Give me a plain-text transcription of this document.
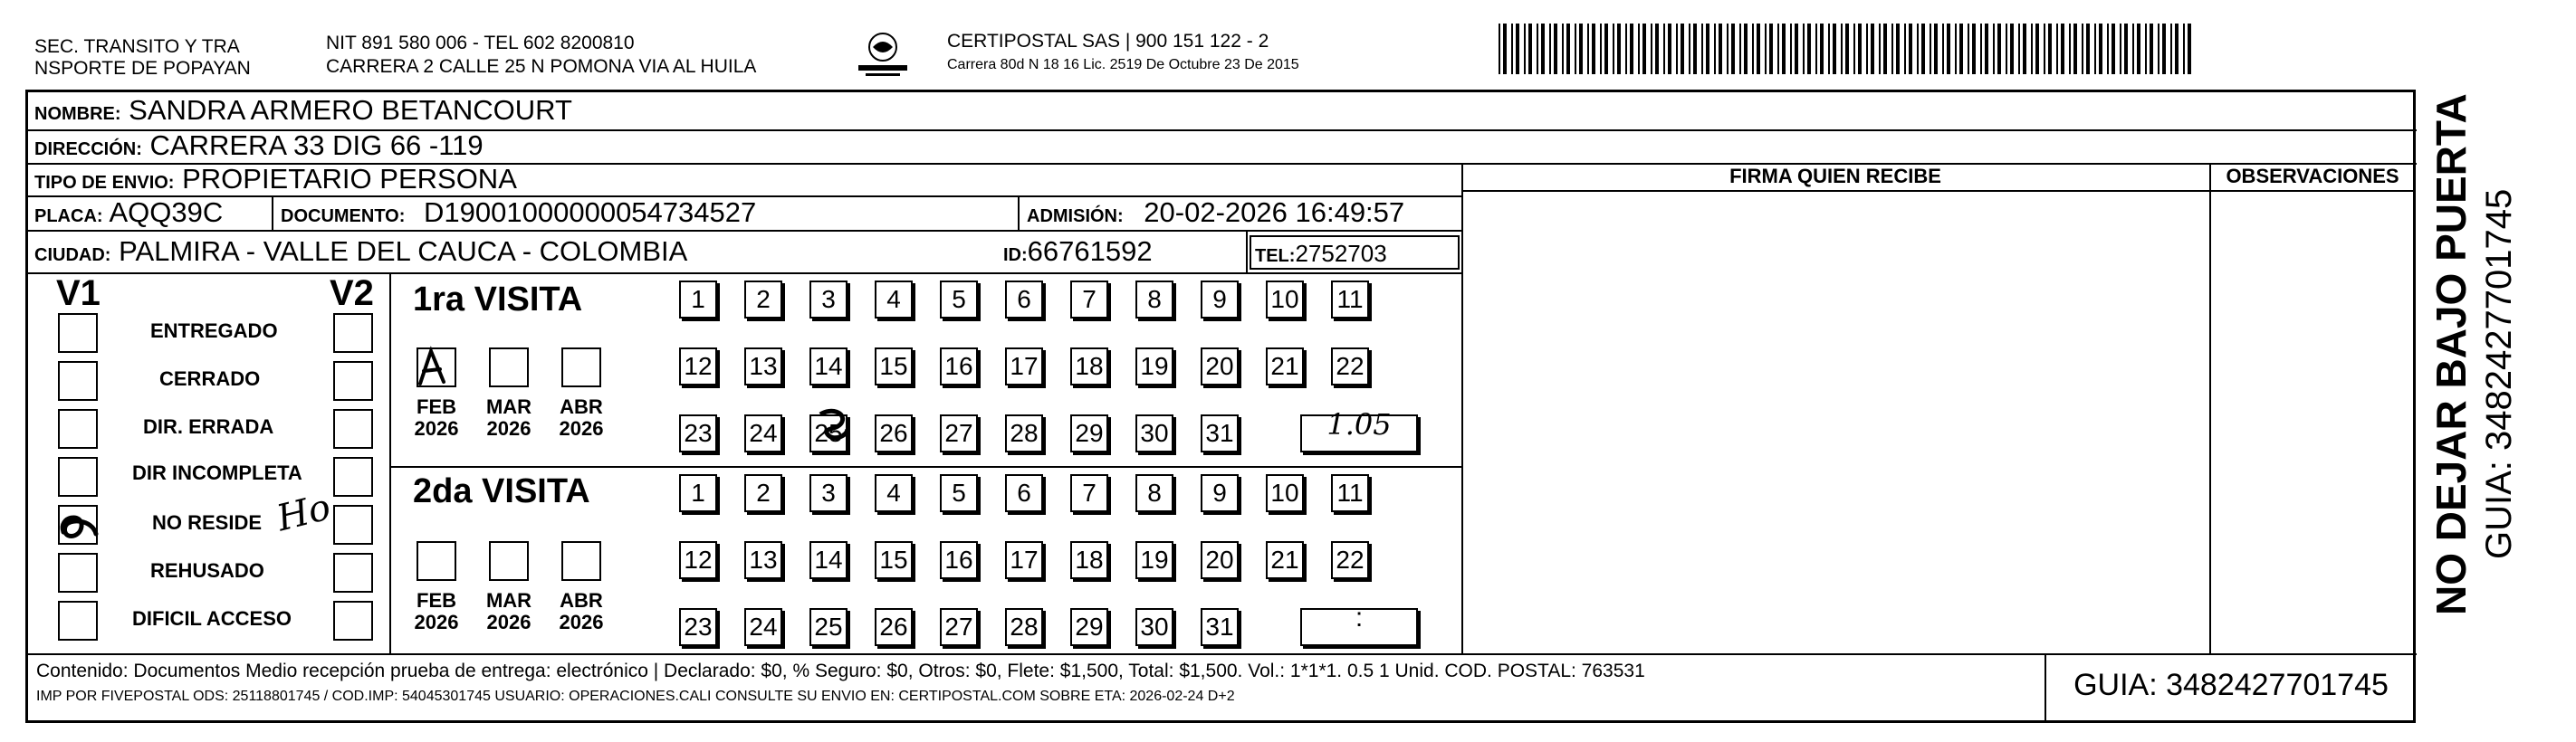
SEC. TRANSITO Y TRA
NSPORTE DE POPAYAN
NIT 891 580 006 - TEL 602 8200810
CARRERA 2 CALLE 25 N POMONA VIA AL HUILA
CERTIPOSTAL SAS | 900 151 122 - 2
Carrera 80d N 18 16 Lic. 2519 De Octubre 23 De 2015
NOMBRE: SANDRA ARMERO BETANCOURT
DIRECCIÓN: CARRERA 33 DIG 66 -119
TIPO DE ENVIO: PROPIETARIO PERSONA
PLACA: AQQ39C	DOCUMENTO: D19001000000054734527	ADMISIÓN: 20-02-2026 16:49:57
CIUDAD: PALMIRA - VALLE DEL CAUCA - COLOMBIA	ID:66761592	TEL:2752703
FIRMA QUIEN RECIBE	OBSERVACIONES
V1	V2
ENTREGADO
CERRADO
DIR. ERRADA
DIR INCOMPLETA
NO RESIDE Ho
REHUSADO
DIFICIL ACCESO
1ra VISITA
FEB
2026
MAR
2026
ABR
2026
1	2	3	4	5	6	7	8	9	10 11
12 13 14 15 16 17 18 19 20 21 22
23 24 25 26 27 28 29 30 31	1.05
2da VISITA
FEB
2026
MAR
2026
ABR
2026
1	2	3	4	5	6	7	8	9	10 11
12 13 14 15 16 17 18 19 20 21 22
23 24 25 26 27 28 29 30 31	:
Contenido: Documentos Medio recepción prueba de entrega: electrónico | Declarado: $0, % Seguro: $0, Otros: $0, Flete: $1,500, Total: $1,500. Vol.: 1*1*1. 0.5 1 Unid. COD. POSTAL: 763531
IMP POR FIVEPOSTAL ODS: 25118801745 / COD.IMP: 54045301745 USUARIO: OPERACIONES.CALI CONSULTE SU ENVIO EN: CERTIPOSTAL.COM SOBRE ETA: 2026-02-24 D+2	GUIA: 3482427701745
NO DEJAR BAJO PUERTA GUIA: 3482427701745
